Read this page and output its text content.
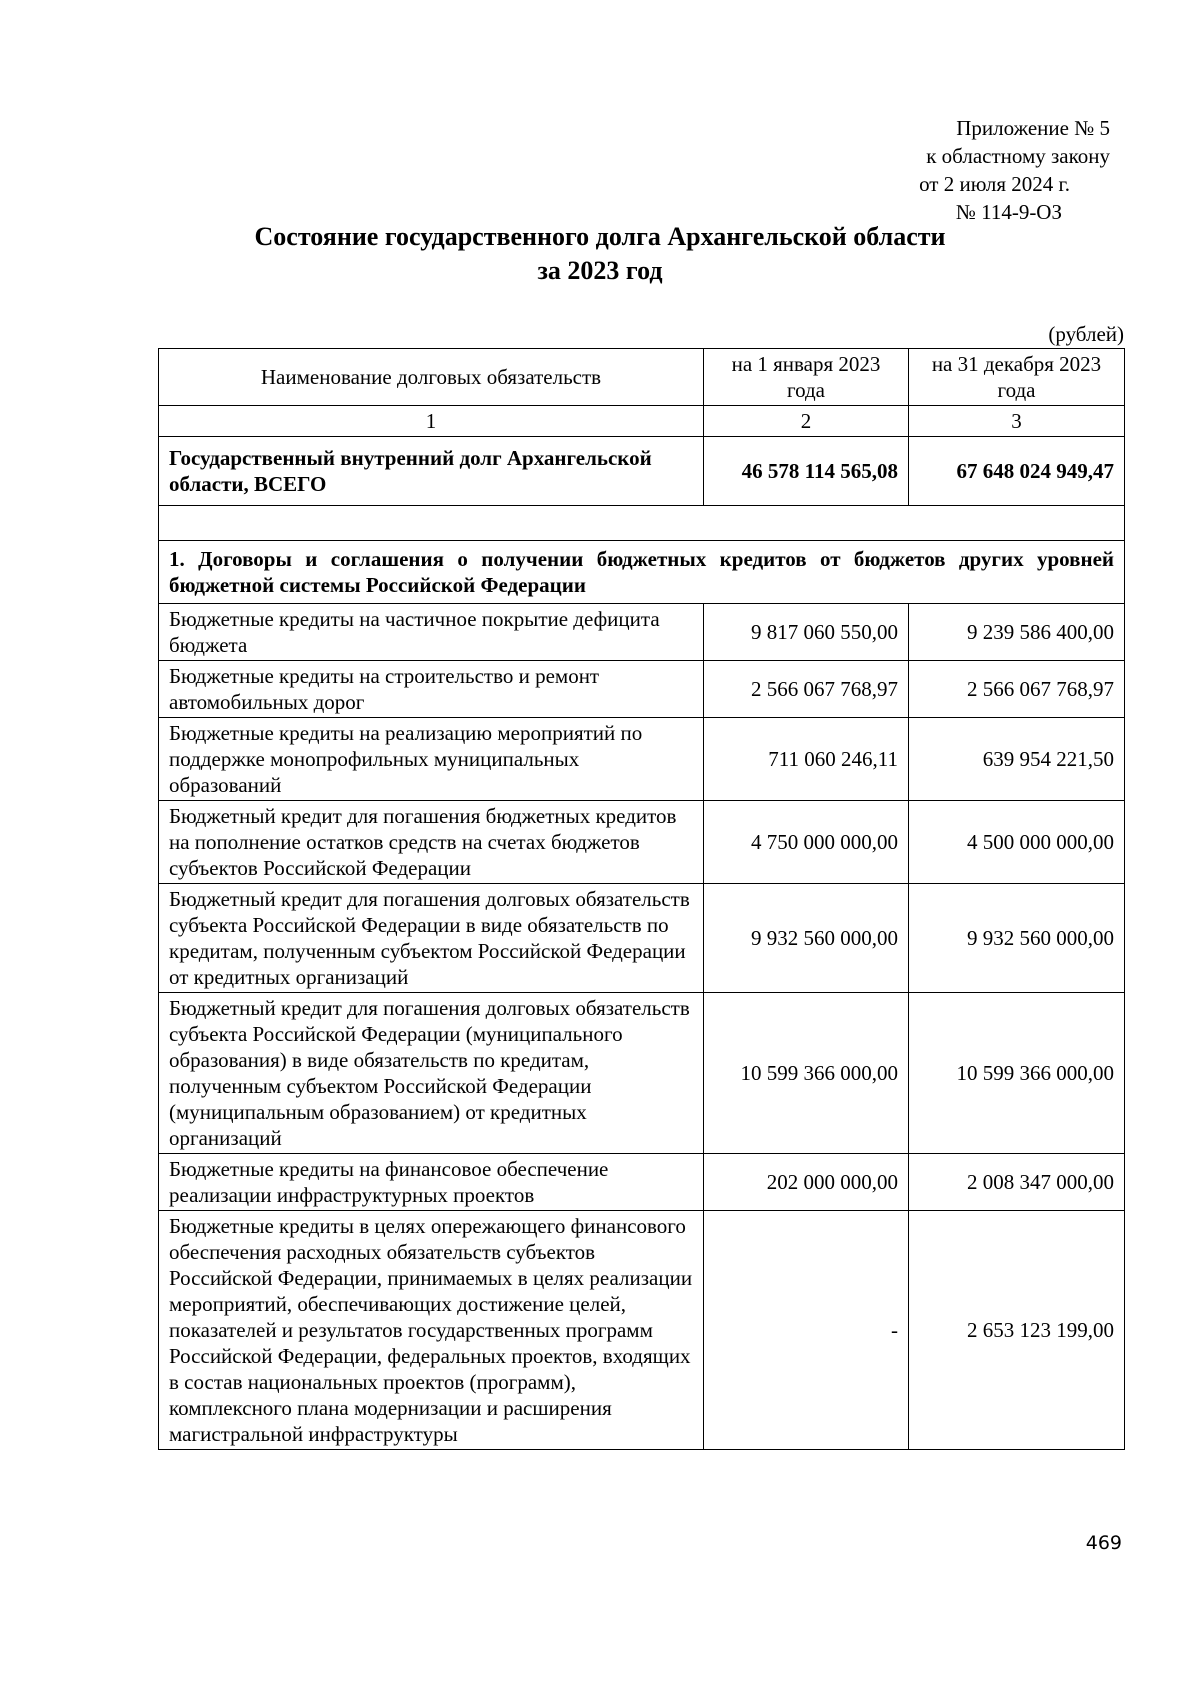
Приложение № 5
к областному закону
от 2 июля 2024 г.
№ 114-9-ОЗ
Состояние государственного долга Архангельской области
за 2023 год
(рублей)
Наименование долговых обязательств	на 1 января 2023 года	на 31 декабря 2023 года
1	2	3
Государственный внутренний долг Архангельской области, ВСЕГО	46 578 114 565,08	67 648 024 949,47

1. Договоры и соглашения о получении бюджетных кредитов от бюджетов других уровней бюджетной системы Российской Федерации		
Бюджетные кредиты на частичное покрытие дефицита бюджета	9 817 060 550,00	9 239 586 400,00
Бюджетные кредиты на строительство и ремонт автомобильных дорог	2 566 067 768,97	2 566 067 768,97
Бюджетные кредиты на реализацию мероприятий по поддержке монопрофильных муниципальных образований	711 060 246,11	639 954 221,50
Бюджетный кредит для погашения бюджетных кредитов на пополнение остатков средств на счетах бюджетов субъектов Российской Федерации	4 750 000 000,00	4 500 000 000,00
Бюджетный кредит для погашения долговых обязательств субъекта Российской Федерации в виде обязательств по кредитам, полученным субъектом Российской Федерации от кредитных организаций	9 932 560 000,00	9 932 560 000,00
Бюджетный кредит для погашения долговых обязательств субъекта Российской Федерации (муниципального образования) в виде обязательств по кредитам, полученным субъектом Российской Федерации (муниципальным образованием) от кредитных организаций	10 599 366 000,00	10 599 366 000,00
Бюджетные кредиты на финансовое обеспечение реализации инфраструктурных проектов	202 000 000,00	2 008 347 000,00
Бюджетные кредиты в целях опережающего финансового обеспечения расходных обязательств субъектов Российской Федерации, принимаемых в целях реализации мероприятий, обеспечивающих достижение целей, показателей и результатов государственных программ Российской Федерации, федеральных проектов, входящих в состав национальных проектов (программ), комплексного плана модернизации и расширения магистральной инфраструктуры	-	2 653 123 199,00
469
